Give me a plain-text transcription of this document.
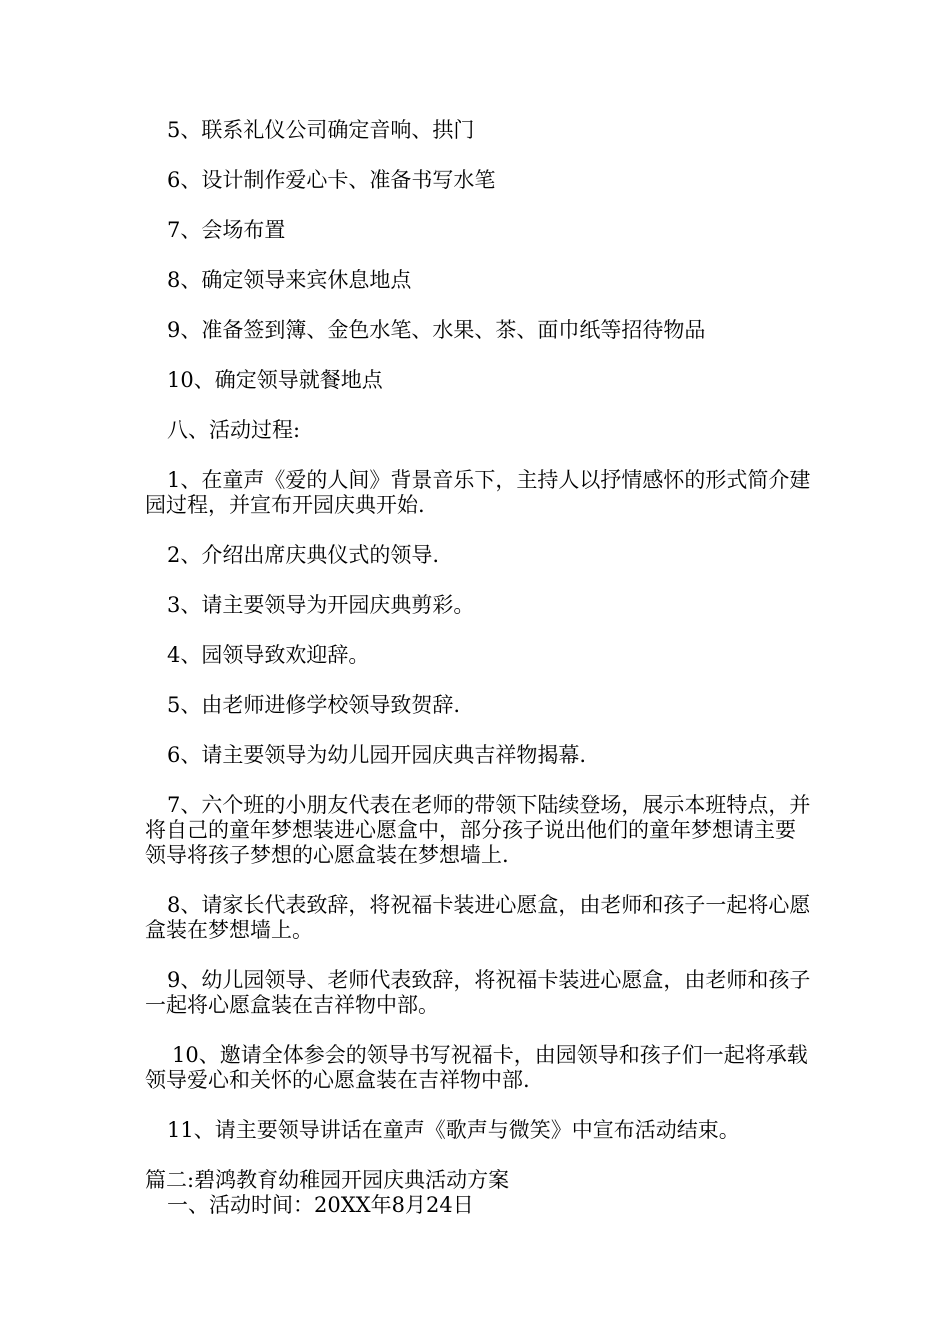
5、联系礼仪公司确定音响、拱门

6、设计制作爱心卡、准备书写水笔

7、会场布置

8、确定领导来宾休息地点

9、准备签到簿、金色水笔、水果、茶、面巾纸等招待物品

10、确定领导就餐地点

八、活动过程:

1、在童声《爱的人间》背景音乐下，主持人以抒情感怀的形式简介建园过程，并宣布开园庆典开始.

2、介绍出席庆典仪式的领导.

3、请主要领导为开园庆典剪彩。

4、园领导致欢迎辞。

5、由老师进修学校领导致贺辞.

6、请主要领导为幼儿园开园庆典吉祥物揭幕.

7、六个班的小朋友代表在老师的带领下陆续登场，展示本班特点，并将自己的童年梦想装进心愿盒中，部分孩子说出他们的童年梦想请主要领导将孩子梦想的心愿盒装在梦想墙上.

8、请家长代表致辞，将祝福卡装进心愿盒，由老师和孩子一起将心愿盒装在梦想墙上。

9、幼儿园领导、老师代表致辞，将祝福卡装进心愿盒，由老师和孩子一起将心愿盒装在吉祥物中部。

10、邀请全体参会的领导书写祝福卡，由园领导和孩子们一起将承载领导爱心和关怀的心愿盒装在吉祥物中部.

11、请主要领导讲话在童声《歌声与微笑》中宣布活动结束。

篇二:碧鸿教育幼稚园开园庆典活动方案

一、活动时间：20XX年8月24日
